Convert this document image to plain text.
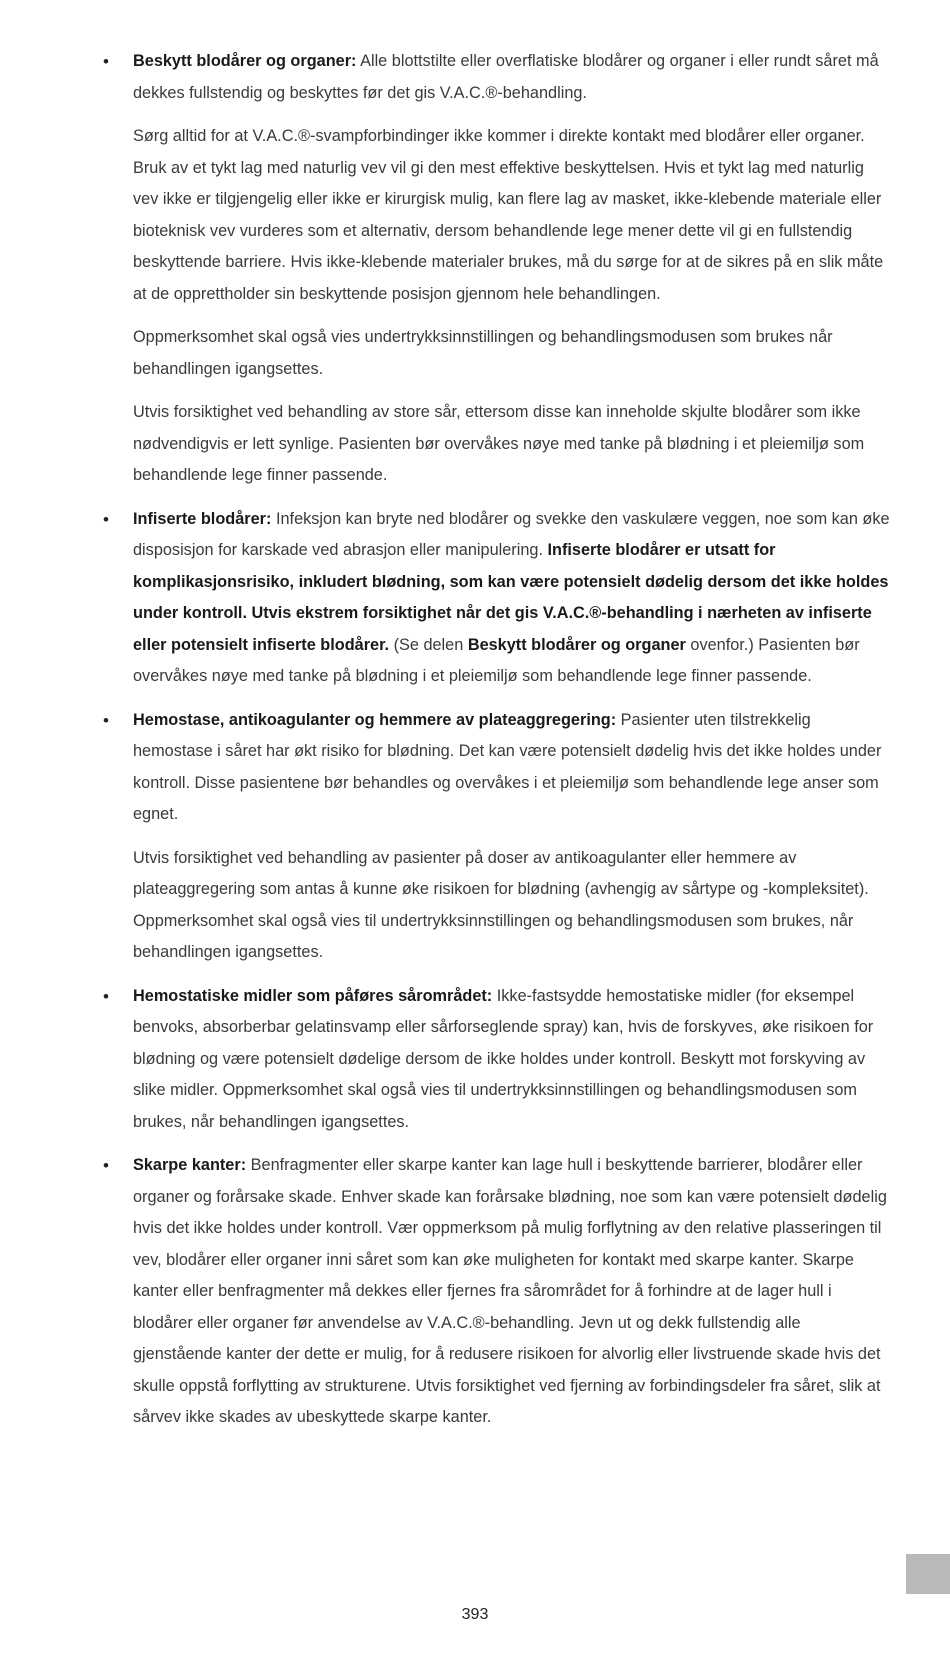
• Beskytt blodårer og organer: Alle blottstilte eller overflatiske blodårer og organer i eller rundt såret må dekkes fullstendig og beskyttes før det gis V.A.C.®-behandling.

Sørg alltid for at V.A.C.®-svampforbindinger ikke kommer i direkte kontakt med blodårer eller organer. Bruk av et tykt lag med naturlig vev vil gi den mest effektive beskyttelsen. Hvis et tykt lag med naturlig vev ikke er tilgjengelig eller ikke er kirurgisk mulig, kan flere lag av masket, ikke-klebende materiale eller bioteknisk vev vurderes som et alternativ, dersom behandlende lege mener dette vil gi en fullstendig beskyttende barriere. Hvis ikke-klebende materialer brukes, må du sørge for at de sikres på en slik måte at de opprettholder sin beskyttende posisjon gjennom hele behandlingen.

Oppmerksomhet skal også vies undertrykksinnstillingen og behandlingsmodusen som brukes når behandlingen igangsettes.

Utvis forsiktighet ved behandling av store sår, ettersom disse kan inneholde skjulte blodårer som ikke nødvendigvis er lett synlige. Pasienten bør overvåkes nøye med tanke på blødning i et pleiemiljø som behandlende lege finner passende.

• Infiserte blodårer: Infeksjon kan bryte ned blodårer og svekke den vaskulære veggen, noe som kan øke disposisjon for karskade ved abrasjon eller manipulering. Infiserte blodårer er utsatt for komplikasjonsrisiko, inkludert blødning, som kan være potensielt dødelig dersom det ikke holdes under kontroll. Utvis ekstrem forsiktighet når det gis V.A.C.®-behandling i nærheten av infiserte eller potensielt infiserte blodårer. (Se delen Beskytt blodårer og organer ovenfor.) Pasienten bør overvåkes nøye med tanke på blødning i et pleiemiljø som behandlende lege finner passende.

• Hemostase, antikoagulanter og hemmere av plateaggregering: Pasienter uten tilstrekkelig hemostase i såret har økt risiko for blødning. Det kan være potensielt dødelig hvis det ikke holdes under kontroll. Disse pasientene bør behandles og overvåkes i et pleiemiljø som behandlende lege anser som egnet.

Utvis forsiktighet ved behandling av pasienter på doser av antikoagulanter eller hemmere av plateaggregering som antas å kunne øke risikoen for blødning (avhengig av sårtype og -kompleksitet). Oppmerksomhet skal også vies til undertrykksinnstillingen og behandlingsmodusen som brukes, når behandlingen igangsettes.

• Hemostatiske midler som påføres sårområdet: Ikke-fastsydde hemostatiske midler (for eksempel benvoks, absorberbar gelatinsvamp eller sårforseglende spray) kan, hvis de forskyves, øke risikoen for blødning og være potensielt dødelige dersom de ikke holdes under kontroll. Beskytt mot forskyving av slike midler. Oppmerksomhet skal også vies til undertrykksinnstillingen og behandlingsmodusen som brukes, når behandlingen igangsettes.

• Skarpe kanter: Benfragmenter eller skarpe kanter kan lage hull i beskyttende barrierer, blodårer eller organer og forårsake skade. Enhver skade kan forårsake blødning, noe som kan være potensielt dødelig hvis det ikke holdes under kontroll. Vær oppmerksom på mulig forflytning av den relative plasseringen til vev, blodårer eller organer inni såret som kan øke muligheten for kontakt med skarpe kanter. Skarpe kanter eller benfragmenter må dekkes eller fjernes fra sårområdet for å forhindre at de lager hull i blodårer eller organer før anvendelse av V.A.C.®-behandling. Jevn ut og dekk fullstendig alle gjenstående kanter der dette er mulig, for å redusere risikoen for alvorlig eller livstruende skade hvis det skulle oppstå forflytting av strukturene. Utvis forsiktighet ved fjerning av forbindingsdeler fra såret, slik at sårvev ikke skades av ubeskyttede skarpe kanter.

393
